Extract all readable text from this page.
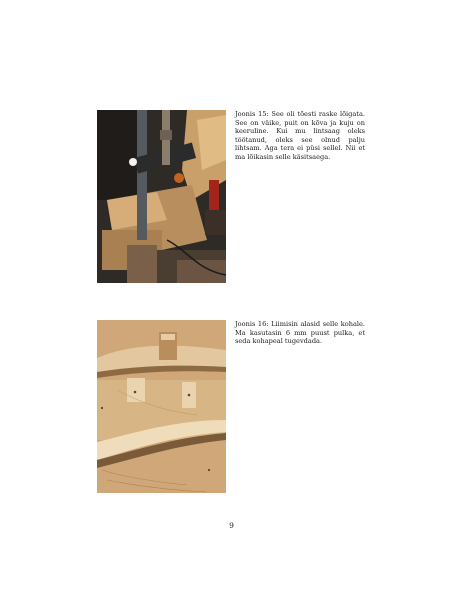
Joonis 15: See oli tõesti raske lõigata. See on väike, puit on kõva ja kuju on keeruline. Kui mu lintsaag oleks töötanud, oleks see olnud palju lihtsam. Aga tera ei püsi sellel. Nii et ma lõikasin selle käsitsaega.

Joonis 16: Liimisin alasid selle kohale. Ma kasutasin 6 mm puust pulka, et seda kohapeal tugevdada.

9
